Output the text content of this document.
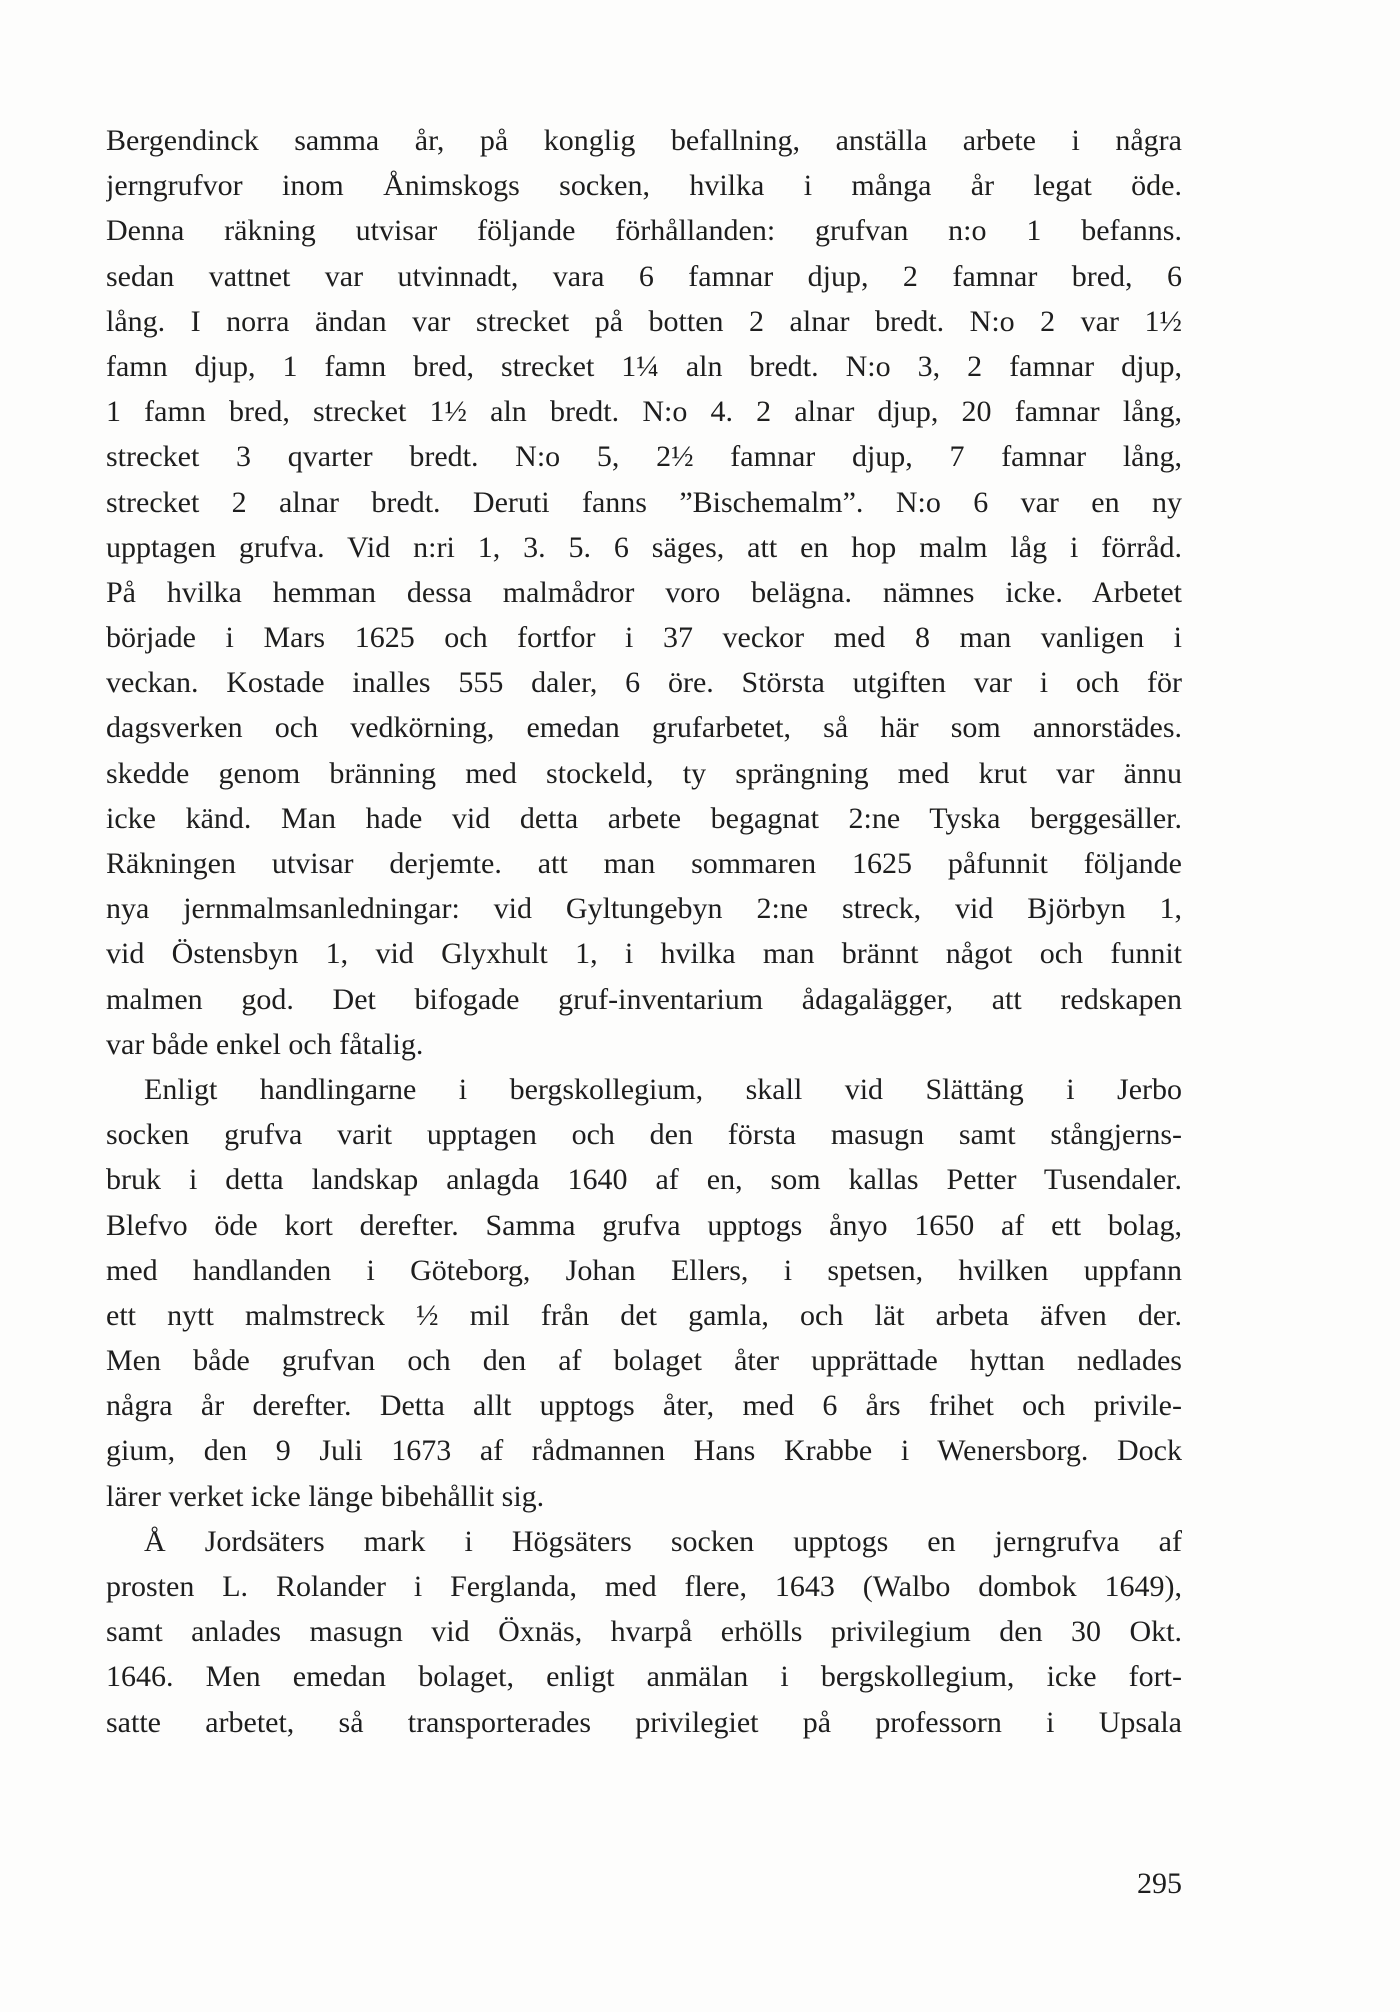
Bergendinck samma år, på konglig befallning, anställa arbete i några
jerngrufvor inom Ånimskogs socken, hvilka i många år legat öde.
Denna räkning utvisar följande förhållanden: grufvan n:o 1 befanns.
sedan vattnet var utvinnadt, vara 6 famnar djup, 2 famnar bred, 6
lång. I norra ändan var strecket på botten 2 alnar bredt. N:o 2 var 1½
famn djup, 1 famn bred, strecket 1¼ aln bredt. N:o 3, 2 famnar djup,
1 famn bred, strecket 1½ aln bredt. N:o 4. 2 alnar djup, 20 famnar lång,
strecket 3 qvarter bredt. N:o 5, 2½ famnar djup, 7 famnar lång,
strecket 2 alnar bredt. Deruti fanns ”Bischemalm”. N:o 6 var en ny
upptagen grufva. Vid n:ri 1, 3. 5. 6 säges, att en hop malm låg i förråd.
På hvilka hemman dessa malmådror voro belägna. nämnes icke. Arbetet
började i Mars 1625 och fortfor i 37 veckor med 8 man vanligen i
veckan. Kostade inalles 555 daler, 6 öre. Största utgiften var i och för
dagsverken och vedkörning, emedan grufarbetet, så här som annorstädes.
skedde genom bränning med stockeld, ty sprängning med krut var ännu
icke känd. Man hade vid detta arbete begagnat 2:ne Tyska berggesäller.
Räkningen utvisar derjemte. att man sommaren 1625 påfunnit följande
nya jernmalmsanledningar: vid Gyltungebyn 2:ne streck, vid Björbyn 1,
vid Östensbyn 1, vid Glyxhult 1, i hvilka man brännt något och funnit
malmen god. Det bifogade gruf-inventarium ådagalägger, att redskapen
var både enkel och fåtalig.
Enligt handlingarne i bergskollegium, skall vid Slättäng i Jerbo
socken grufva varit upptagen och den första masugn samt stångjerns-
bruk i detta landskap anlagda 1640 af en, som kallas Petter Tusendaler.
Blefvo öde kort derefter. Samma grufva upptogs ånyo 1650 af ett bolag,
med handlanden i Göteborg, Johan Ellers, i spetsen, hvilken uppfann
ett nytt malmstreck ½ mil från det gamla, och lät arbeta äfven der.
Men både grufvan och den af bolaget åter upprättade hyttan nedlades
några år derefter. Detta allt upptogs åter, med 6 års frihet och privile-
gium, den 9 Juli 1673 af rådmannen Hans Krabbe i Wenersborg. Dock
lärer verket icke länge bibehållit sig.
Å Jordsäters mark i Högsäters socken upptogs en jerngrufva af
prosten L. Rolander i Ferglanda, med flere, 1643 (Walbo dombok 1649),
samt anlades masugn vid Öxnäs, hvarpå erhölls privilegium den 30 Okt.
1646. Men emedan bolaget, enligt anmälan i bergskollegium, icke fort-
satte arbetet, så transporterades privilegiet på professorn i Upsala
295
